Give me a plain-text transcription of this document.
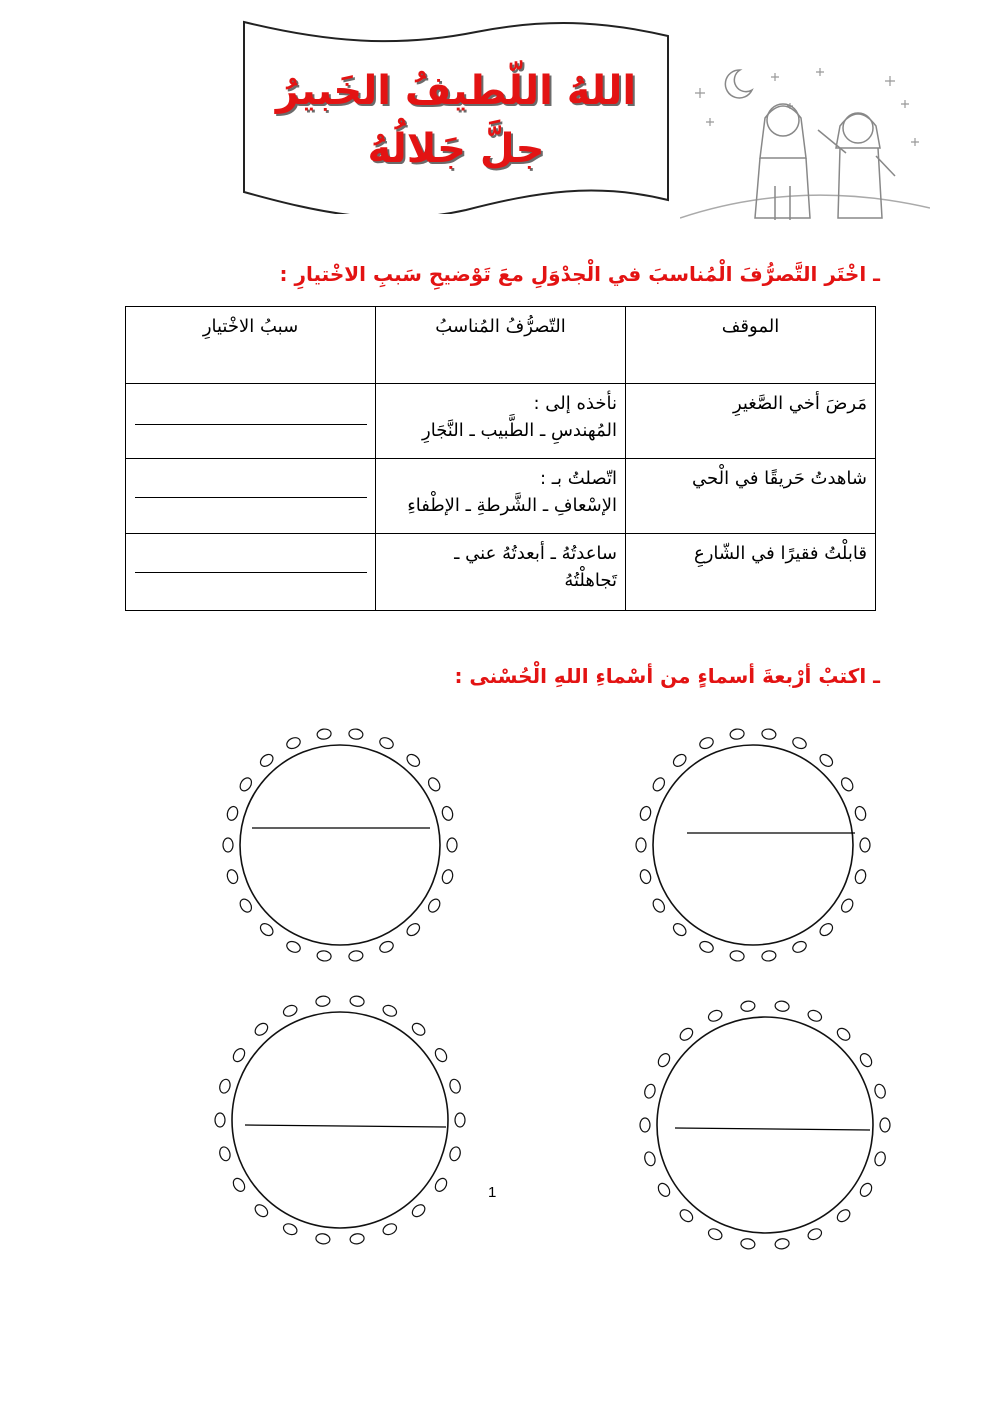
اللهُ اللّطيفُ الخَبيرُ
جلَّ جَلالُهُ
ـ اخْتَر التَّصرُّفَ الْمُناسبَ في الْجدْوَلِ معَ تَوْضيحِ سَببِ الاخْتيارِ :
الموقف	التّصرُّفُ المُناسبُ	سببُ الاخْتيارِ
مَرضَ أخي الصَّغيرِ	نأخذه إلى :
المُهندسِ ـ الطَّبيب ـ النَّجَارِ	

شاهدتُ حَريقًا في الْحي	اتّصلتُ بـ :
الإسْعافِ ـ الشَّرطةِ ـ الإطْفاءِ	

قابلْتُ فقيرًا في الشّارعِ	ساعدتُهُ ـ أبعدتُهُ عني ـ
تَجاهلْتُهُ	

ـ اكتبْ أرْبعةَ أسماءٍ من أسْماءِ اللهِ الْحُسْنى :
1
